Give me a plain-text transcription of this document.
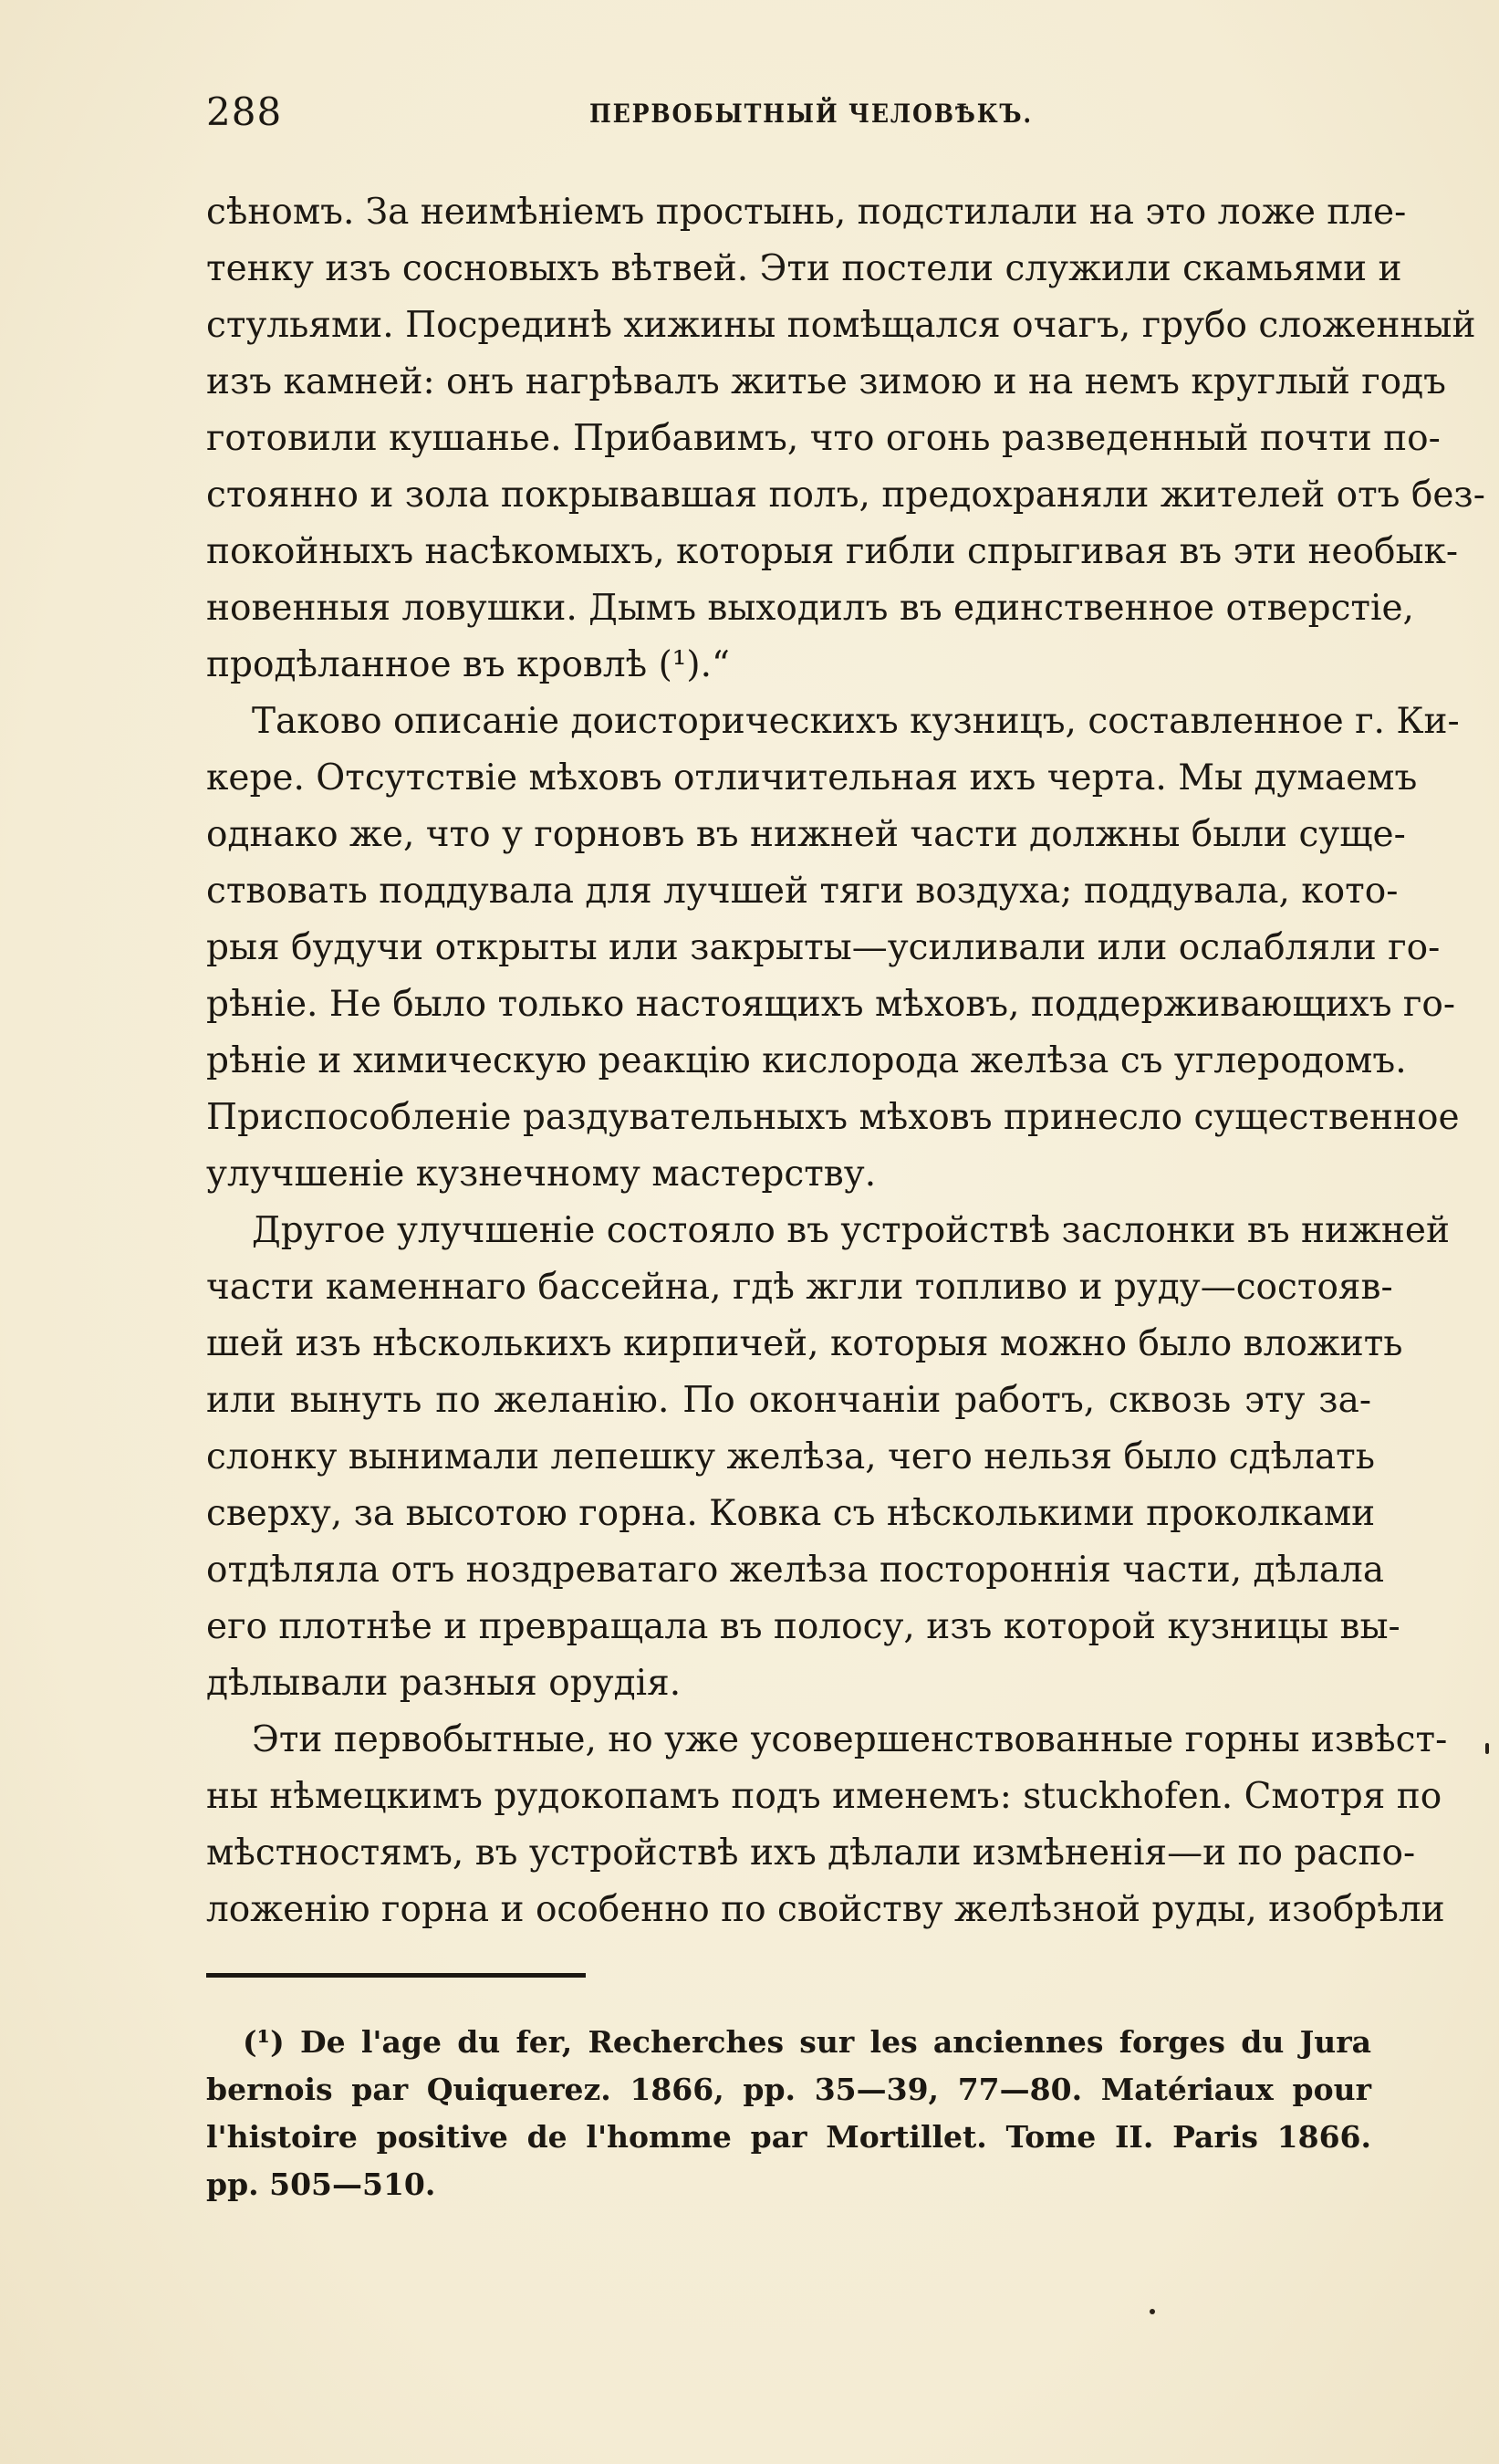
288	ПЕРВОБЫТНЫЙ ЧЕЛОВѢКЪ.
сѣномъ. За неимѣніемъ простынь, подстилали на это ложе пле-
тенку изъ сосновыхъ вѣтвей. Эти постели служили скамьями и
стульями. Посрединѣ хижины помѣщался очагъ, грубо сложенный
изъ камней: онъ нагрѣвалъ житье зимою и на немъ круглый годъ
готовили кушанье. Прибавимъ, что огонь разведенный почти по-
стоянно и зола покрывавшая полъ, предохраняли жителей отъ без-
покойныхъ насѣкомыхъ, которыя гибли спрыгивая въ эти необык-
новенныя ловушки. Дымъ выходилъ въ единственное отверстіе,
продѣланное въ кровлѣ (¹).“
Таково описаніе доисторическихъ кузницъ, составленное г. Ки-
кере. Отсутствіе мѣховъ отличительная ихъ черта. Мы думаемъ
однако же, что у горновъ въ нижней части должны были суще-
ствовать поддувала для лучшей тяги воздуха; поддувала, кото-
рыя будучи открыты или закрыты—усиливали или ослабляли го-
рѣніе. Не было только настоящихъ мѣховъ, поддерживающихъ го-
рѣніе и химическую реакцію кислорода желѣза съ углеродомъ.
Приспособленіе раздувательныхъ мѣховъ принесло существенное
улучшеніе кузнечному мастерству.
Другое улучшеніе состояло въ устройствѣ заслонки въ нижней
части каменнаго бассейна, гдѣ жгли топливо и руду—состояв-
шей изъ нѣсколькихъ кирпичей, которыя можно было вложить
или вынуть по желанію. По окончаніи работъ, сквозь эту за-
слонку вынимали лепешку желѣза, чего нельзя было сдѣлать
сверху, за высотою горна. Ковка съ нѣсколькими проколками
отдѣляла отъ ноздреватаго желѣза постороннія части, дѣлала
его плотнѣе и превращала въ полосу, изъ которой кузницы вы-
дѣлывали разныя орудія.
Эти первобытные, но уже усовершенствованные горны извѣст-
ны нѣмецкимъ рудокопамъ подъ именемъ: stuckhofen. Смотря по
мѣстностямъ, въ устройствѣ ихъ дѣлали измѣненія—и по распо-
ложенію горна и особенно по свойству желѣзной руды, изобрѣли
(¹) De l'age du fer, Recherches sur les anciennes forges du Jura
bernois par Quiquerez. 1866, pp. 35—39, 77—80. Matériaux pour
l'histoire positive de l'homme par Mortillet. Tome II. Paris 1866.
pp. 505—510.
